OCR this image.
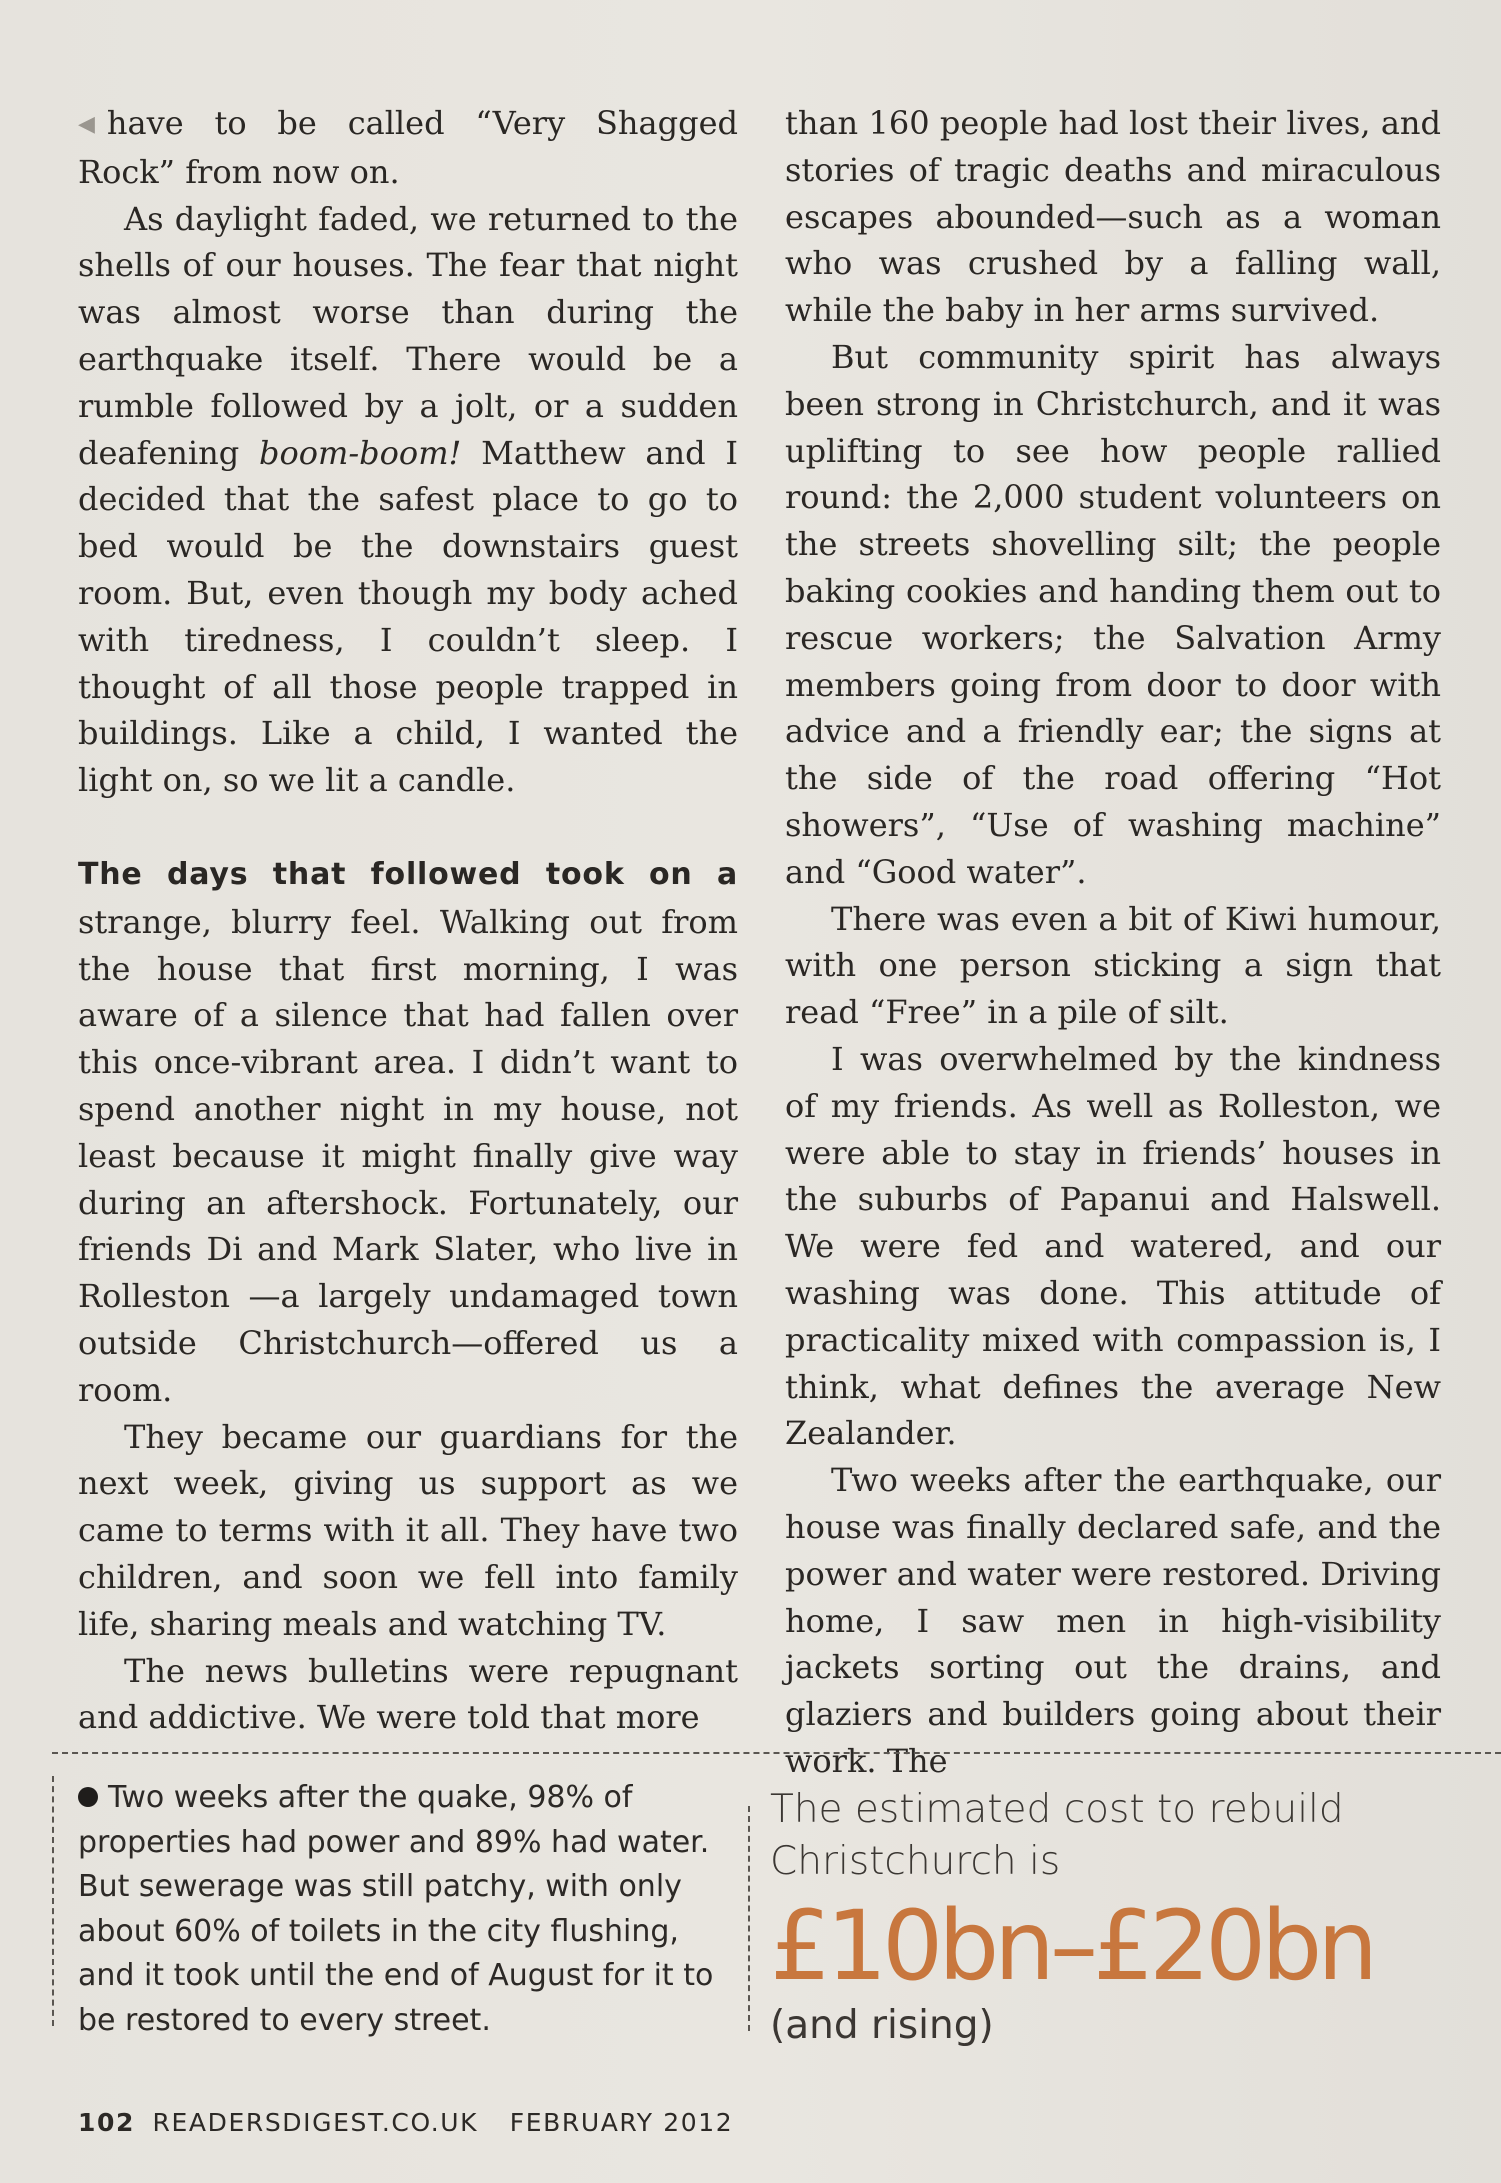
◀ have to be called “Very Shagged Rock” from now on.

As daylight faded, we returned to the shells of our houses. The fear that night was almost worse than during the earthquake itself. There would be a rumble followed by a jolt, or a sudden deafening boom-boom! Matthew and I decided that the safest place to go to bed would be the downstairs guest room. But, even though my body ached with tiredness, I couldn’t sleep. I thought of all those people trapped in buildings. Like a child, I wanted the light on, so we lit a candle.

The days that followed took on a strange, blurry feel. Walking out from the house that first morning, I was aware of a silence that had fallen over this once-vibrant area. I didn’t want to spend another night in my house, not least because it might finally give way during an aftershock. Fortunately, our friends Di and Mark Slater, who live in Rolleston —a largely undamaged town outside Christchurch—offered us a room.

They became our guardians for the next week, giving us support as we came to terms with it all. They have two children, and soon we fell into family life, sharing meals and watching TV.

The news bulletins were repugnant and addictive. We were told that more

than 160 people had lost their lives, and stories of tragic deaths and miraculous escapes abounded—such as a woman who was crushed by a falling wall, while the baby in her arms survived.

But community spirit has always been strong in Christchurch, and it was uplifting to see how people rallied round: the 2,000 student volunteers on the streets shovelling silt; the people baking cookies and handing them out to rescue workers; the Salvation Army members going from door to door with advice and a friendly ear; the signs at the side of the road offering “Hot showers”, “Use of washing machine” and “Good water”.

There was even a bit of Kiwi humour, with one person sticking a sign that read “Free” in a pile of silt.

I was overwhelmed by the kindness of my friends. As well as Rolleston, we were able to stay in friends’ houses in the suburbs of Papanui and Halswell. We were fed and watered, and our washing was done. This attitude of practicality mixed with compassion is, I think, what defines the average New Zealander.

Two weeks after the earthquake, our house was finally declared safe, and the power and water were restored. Driving home, I saw men in high-visibility jackets sorting out the drains, and glaziers and builders going about their work. The

Two weeks after the quake, 98% of properties had power and 89% had water. But sewerage was still patchy, with only about 60% of toilets in the city flushing, and it took until the end of August for it to be restored to every street.
The estimated cost to rebuild Christchurch is
£10bn–£20bn
(and rising)
102 READERSDIGEST.CO.UK FEBRUARY 2012
